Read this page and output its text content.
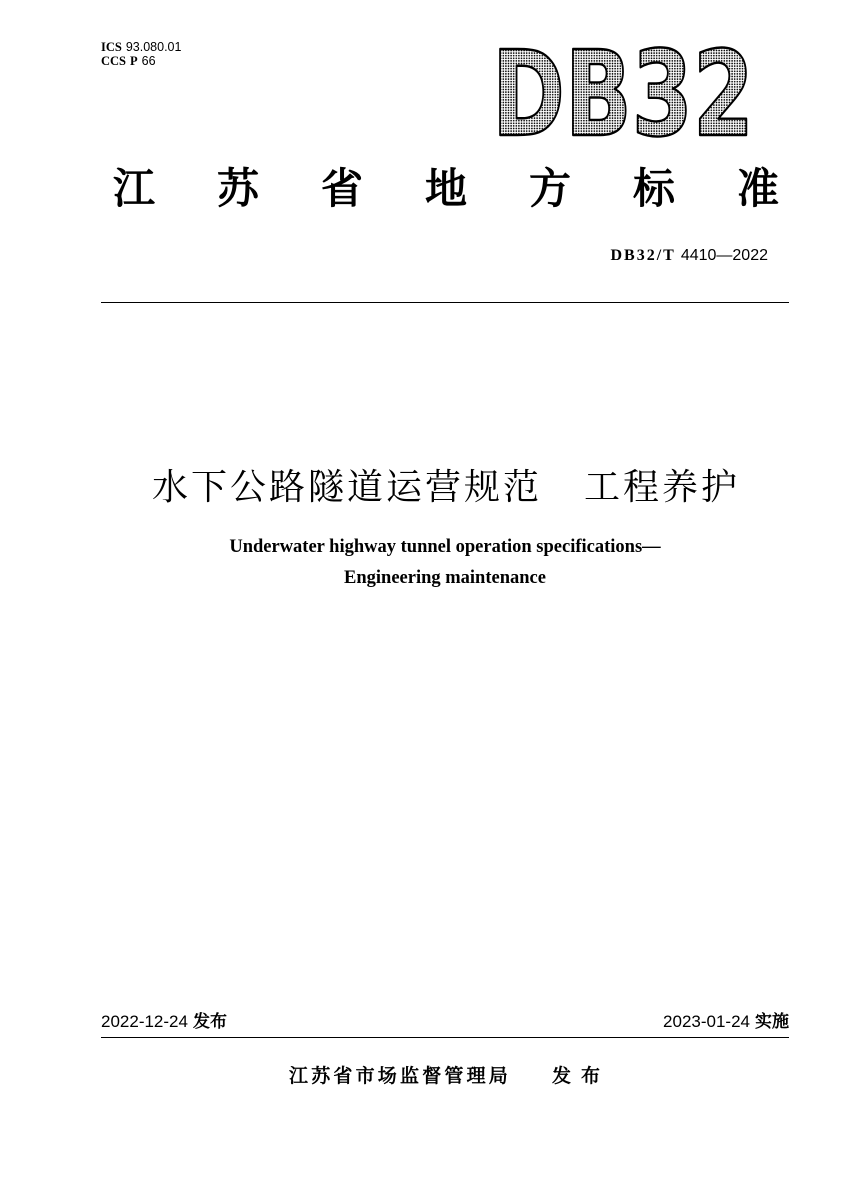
ICS 93.080.01
CCS P 66	DB32
江苏省地方标准
DB32/T 4410—2022
水下公路隧道运营规范 工程养护
Underwater highway tunnel operation specifications—
Engineering maintenance
2022-12-24 发布	2023-01-24 实施
江苏省市场监督管理局 发布
